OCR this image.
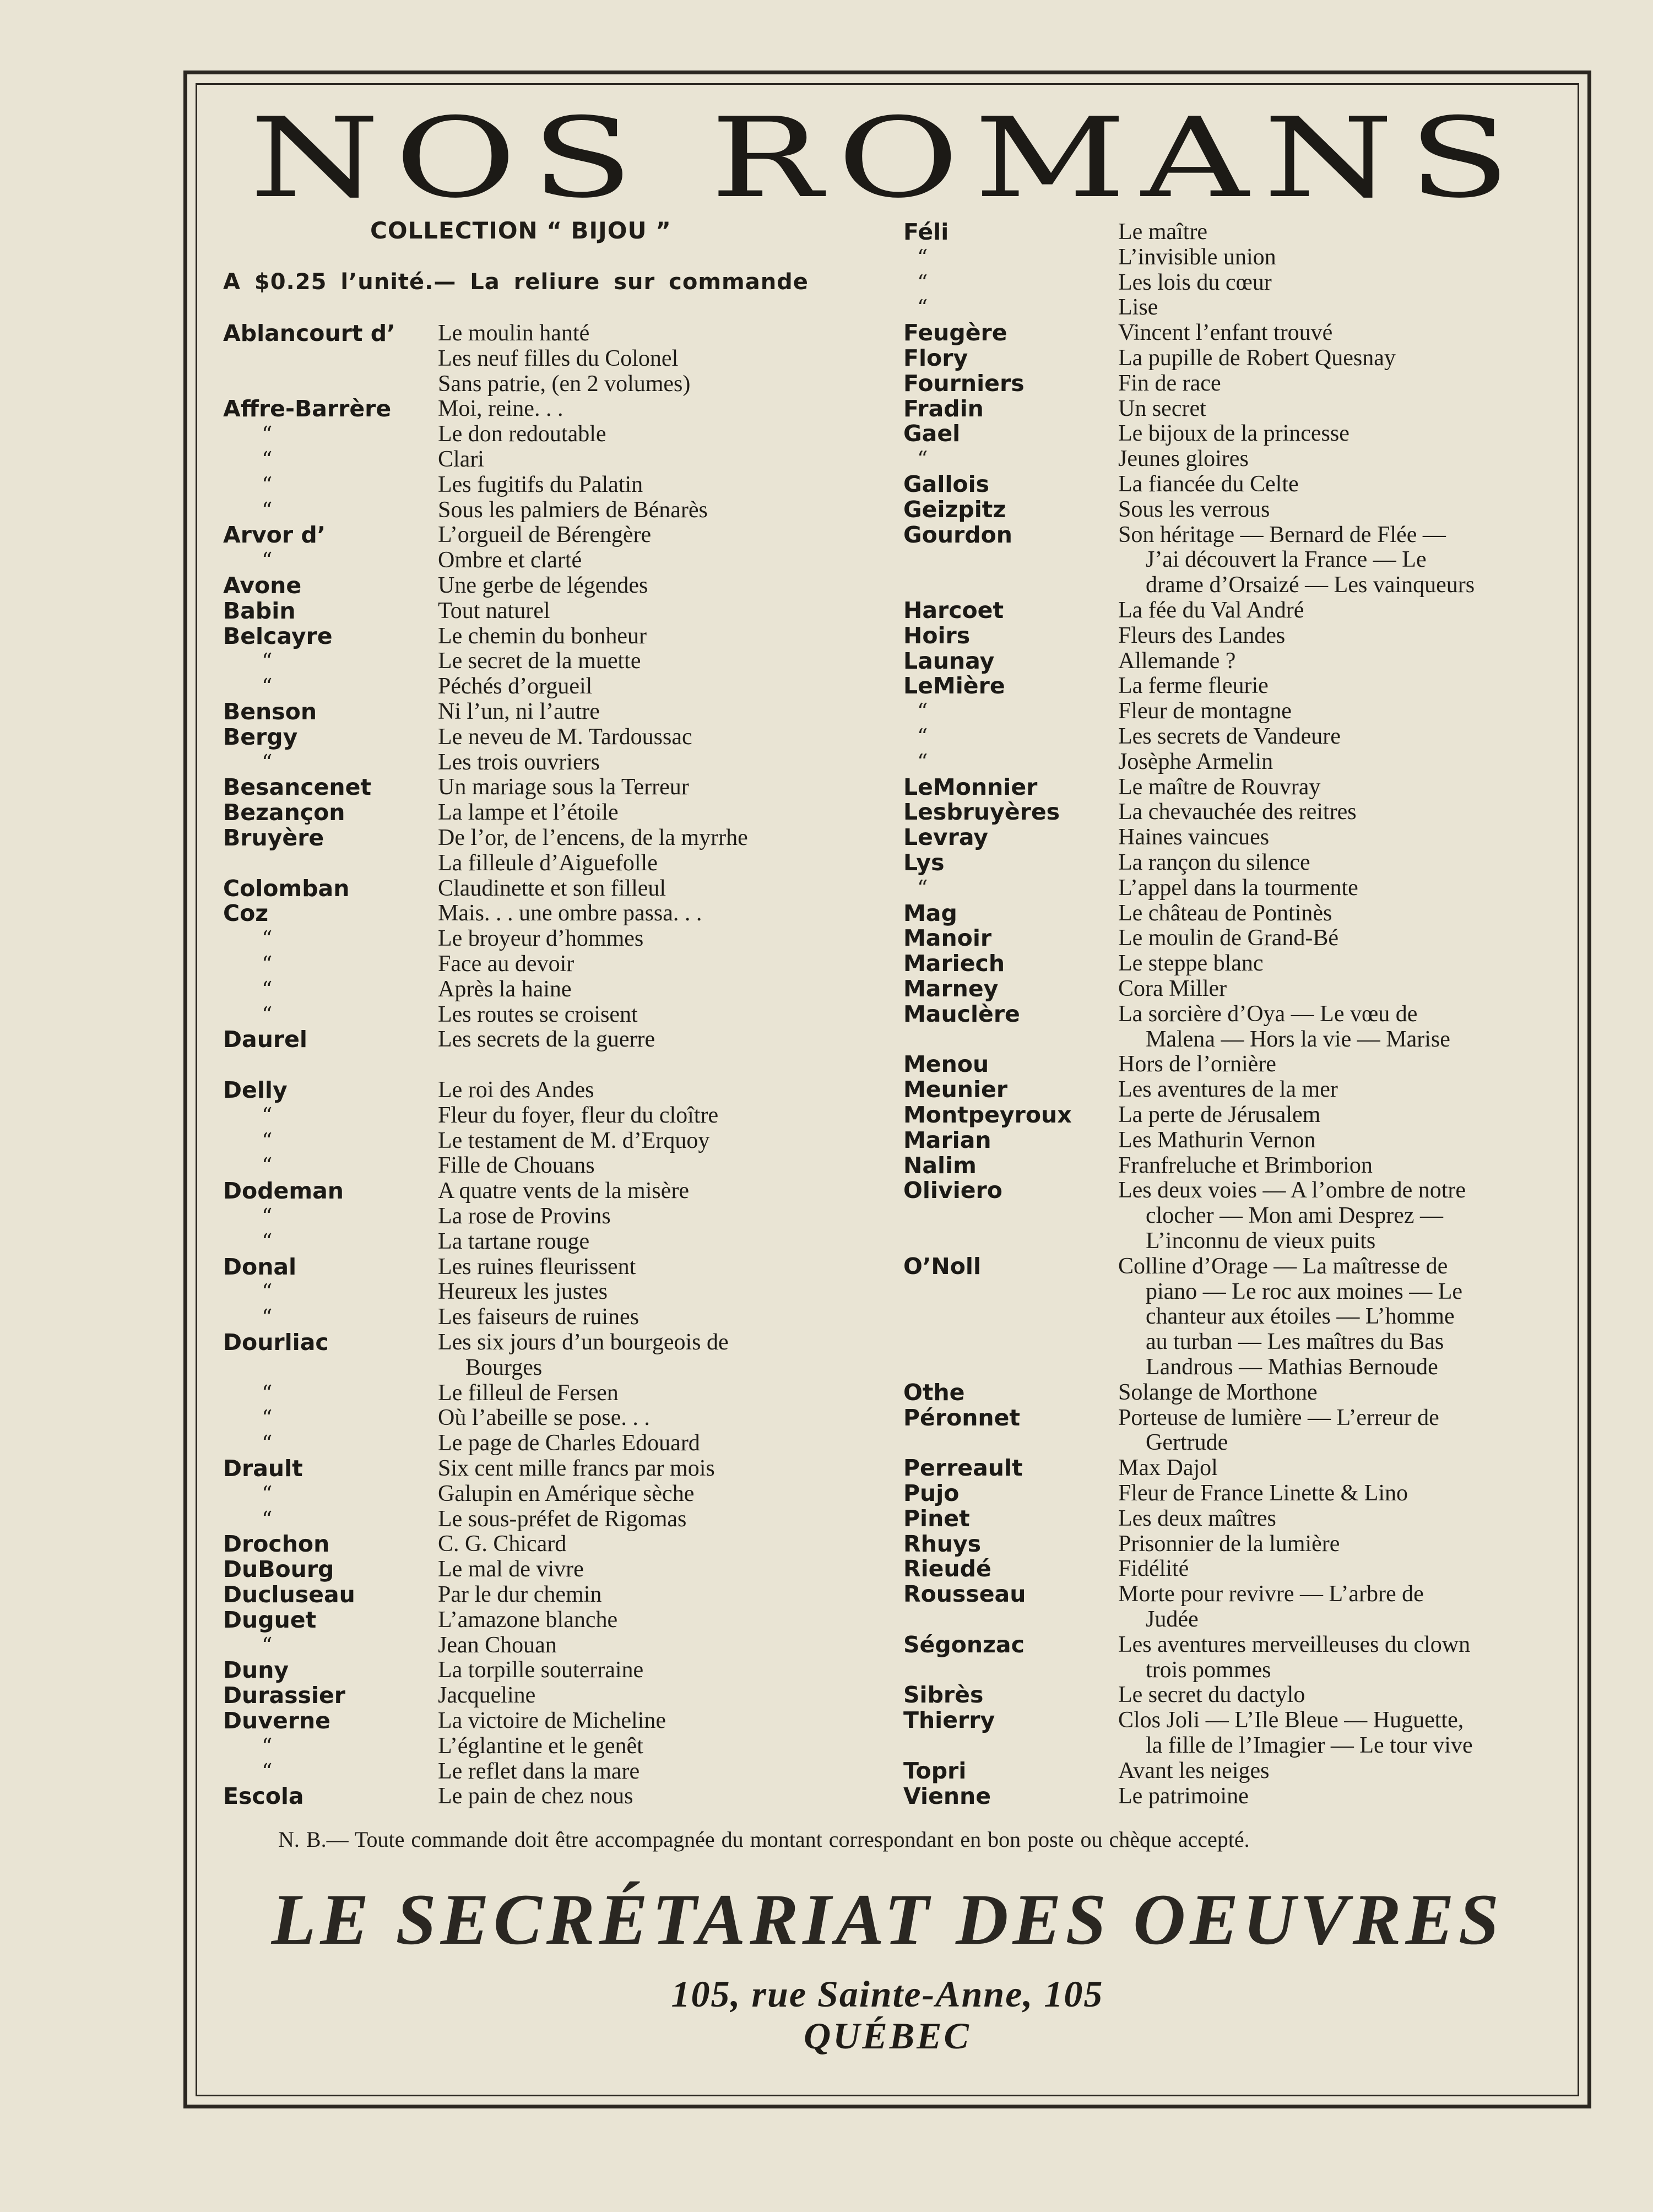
NOS ROMANS
COLLECTION “ BIJOU ”
A $0.25 l’unité.— La reliure sur commande
Ablancourt d’ Le moulin hanté
Les neuf filles du Colonel
Sans patrie, (en 2 volumes)
Affre-Barrère Moi, reine. . .
“	Le don redoutable
“	Clari
“	Les fugitifs du Palatin
“	Sous les palmiers de Bénarès
Arvor d’	L’orgueil de Bérengère
“	Ombre et clarté
Avone	Une gerbe de légendes
Babin	Tout naturel
Belcayre	Le chemin du bonheur
“	Le secret de la muette
“	Péchés d’orgueil
Benson	Ni l’un, ni l’autre
Bergy	Le neveu de M. Tardoussac
“	Les trois ouvriers
Besancenet	Un mariage sous la Terreur
Bezançon	La lampe et l’étoile
Bruyère	De l’or, de l’encens, de la myrrhe
La filleule d’Aiguefolle
Colomban	Claudinette et son filleul
Coz	Mais. . . une ombre passa. . .
“	Le broyeur d’hommes
“	Face au devoir
“	Après la haine
“	Les routes se croisent
Daurel	Les secrets de la guerre
Delly	Le roi des Andes
“	Fleur du foyer, fleur du cloître
“	Le testament de M. d’Erquoy
“	Fille de Chouans
Dodeman	A quatre vents de la misère
“	La rose de Provins
“	La tartane rouge
Donal	Les ruines fleurissent
“	Heureux les justes
“	Les faiseurs de ruines
Dourliac	Les six jours d’un bourgeois de
Bourges
“	Le filleul de Fersen
“	Où l’abeille se pose. . .
“	Le page de Charles Edouard
Drault	Six cent mille francs par mois
“	Galupin en Amérique sèche
“	Le sous-préfet de Rigomas
Drochon	C. G. Chicard
DuBourg	Le mal de vivre
Ducluseau	Par le dur chemin
Duguet	L’amazone blanche
“	Jean Chouan
Duny	La torpille souterraine
Durassier	Jacqueline
Duverne	La victoire de Micheline
“	L’églantine et le genêt
“	Le reflet dans la mare
Escola	Le pain de chez nous
Féli	Le maître
“	L’invisible union
“	Les lois du cœur
“	Lise
Feugère	Vincent l’enfant trouvé
Flory	La pupille de Robert Quesnay
Fourniers	Fin de race
Fradin	Un secret
Gael	Le bijoux de la princesse
“	Jeunes gloires
Gallois	La fiancée du Celte
Geizpitz	Sous les verrous
Gourdon	Son héritage — Bernard de Flée —
J’ai découvert la France — Le
drame d’Orsaizé — Les vainqueurs
Harcoet	La fée du Val André
Hoirs	Fleurs des Landes
Launay	Allemande ?
LeMière	La ferme fleurie
“	Fleur de montagne
“	Les secrets de Vandeure
“	Josèphe Armelin
LeMonnier	Le maître de Rouvray
Lesbruyères	La chevauchée des reitres
Levray	Haines vaincues
Lys	La rançon du silence
“	L’appel dans la tourmente
Mag	Le château de Pontinès
Manoir	Le moulin de Grand-Bé
Mariech	Le steppe blanc
Marney	Cora Miller
Mauclère	La sorcière d’Oya — Le vœu de
Malena — Hors la vie — Marise
Menou	Hors de l’ornière
Meunier	Les aventures de la mer
Montpeyroux La perte de Jérusalem
Marian	Les Mathurin Vernon
Nalim	Franfreluche et Brimborion
Oliviero	Les deux voies — A l’ombre de notre
clocher — Mon ami Desprez —
L’inconnu de vieux puits
O’Noll	Colline d’Orage — La maîtresse de
piano — Le roc aux moines — Le
chanteur aux étoiles — L’homme
au turban — Les maîtres du Bas
Landrous — Mathias Bernoude
Othe	Solange de Morthone
Péronnet	Porteuse de lumière — L’erreur de
Gertrude
Perreault	Max Dajol
Pujo	Fleur de France Linette & Lino
Pinet	Les deux maîtres
Rhuys	Prisonnier de la lumière
Rieudé	Fidélité
Rousseau	Morte pour revivre — L’arbre de
Judée
Ségonzac	Les aventures merveilleuses du clown
trois pommes
Sibrès	Le secret du dactylo
Thierry	Clos Joli — L’Ile Bleue — Huguette,
la fille de l’Imagier — Le tour vive
Topri	Avant les neiges
Vienne	Le patrimoine
N. B.— Toute commande doit être accompagnée du montant correspondant en bon poste ou chèque accepté.
LE SECRÉTARIAT DES OEUVRES
105, rue Sainte-Anne, 105
QUÉBEC
